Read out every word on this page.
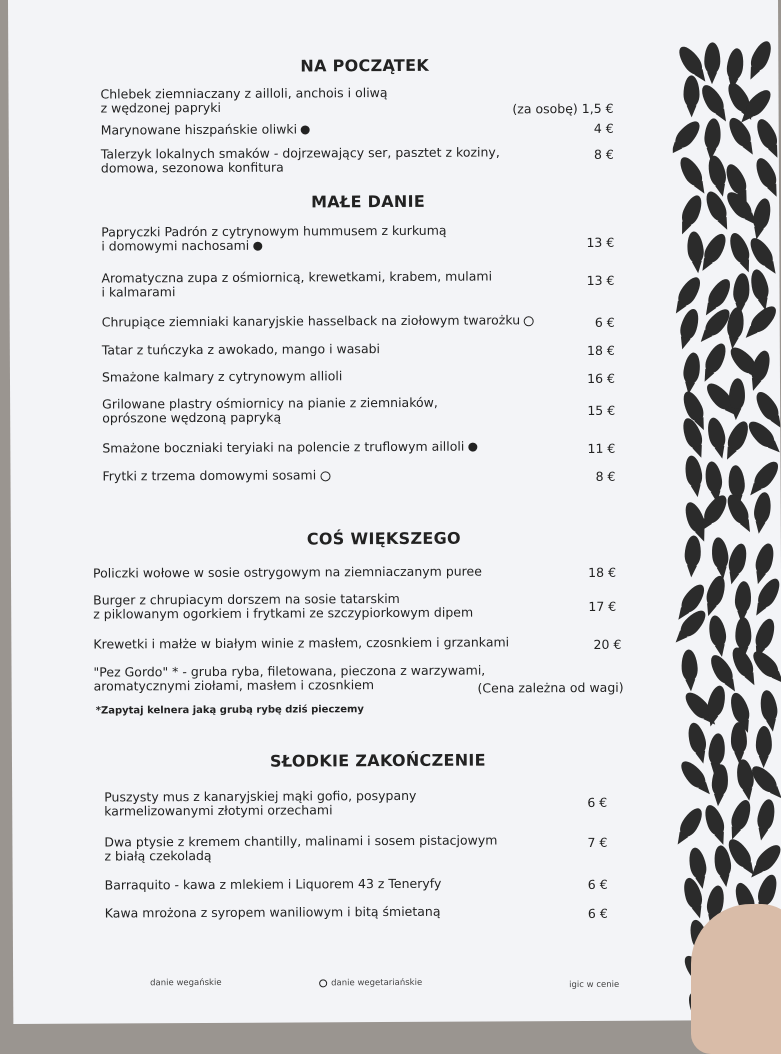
NA POCZĄTEK
Chlebek ziemniaczany z ailloli, anchois i oliwą
z wędzonej papryki	(za osobę) 1,5 €
Marynowane hiszpańskie oliwki	4 €
Talerzyk lokalnych smaków - dojrzewający ser, pasztet z koziny,
domowa, sezonowa konfitura
8 €
MAŁE DANIE
Papryczki Padrón z cytrynowym hummusem z kurkumą
i domowymi nachosami	13 €
Aromatyczna zupa z ośmiornicą, krewetkami, krabem, mulami
i kalmarami
13 €
Chrupiące ziemniaki kanaryjskie hasselback na ziołowym twarożku	6 €
Tatar z tuńczyka z awokado, mango i wasabi	18 €
Smażone kalmary z cytrynowym allioli	16 €
Grilowane plastry ośmiornicy na pianie z ziemniaków,
oprószone wędzoną papryką	15 €
Smażone boczniaki teryiaki na polencie z truflowym ailloli	11 €
Frytki z trzema domowymi sosami	8 €
COŚ WIĘKSZEGO
Policzki wołowe w sosie ostrygowym na ziemniaczanym puree	18 €
Burger z chrupiacym dorszem na sosie tatarskim
z piklowanym ogorkiem i frytkami ze szczypiorkowym dipem	17 €
Krewetki i małże w białym winie z masłem, czosnkiem i grzankami	20 €
"Pez Gordo" * - gruba ryba, filetowana, pieczona z warzywami,
aromatycznymi ziołami, masłem i czosnkiem	(Cena zależna od wagi)
*Zapytaj kelnera jaką grubą rybę dziś pieczemy
SŁODKIE ZAKOŃCZENIE
Puszysty mus z kanaryjskiej mąki gofio, posypany
karmelizowanymi złotymi orzechami	6 €
Dwa ptysie z kremem chantilly, malinami i sosem pistacjowym
z białą czekoladą
7 €
Barraquito - kawa z mlekiem i Liquorem 43 z Teneryfy	6 €
Kawa mrożona z syropem waniliowym i bitą śmietaną	6 €
danie wegańskie	danie wegetariańskie	igic w cenie
